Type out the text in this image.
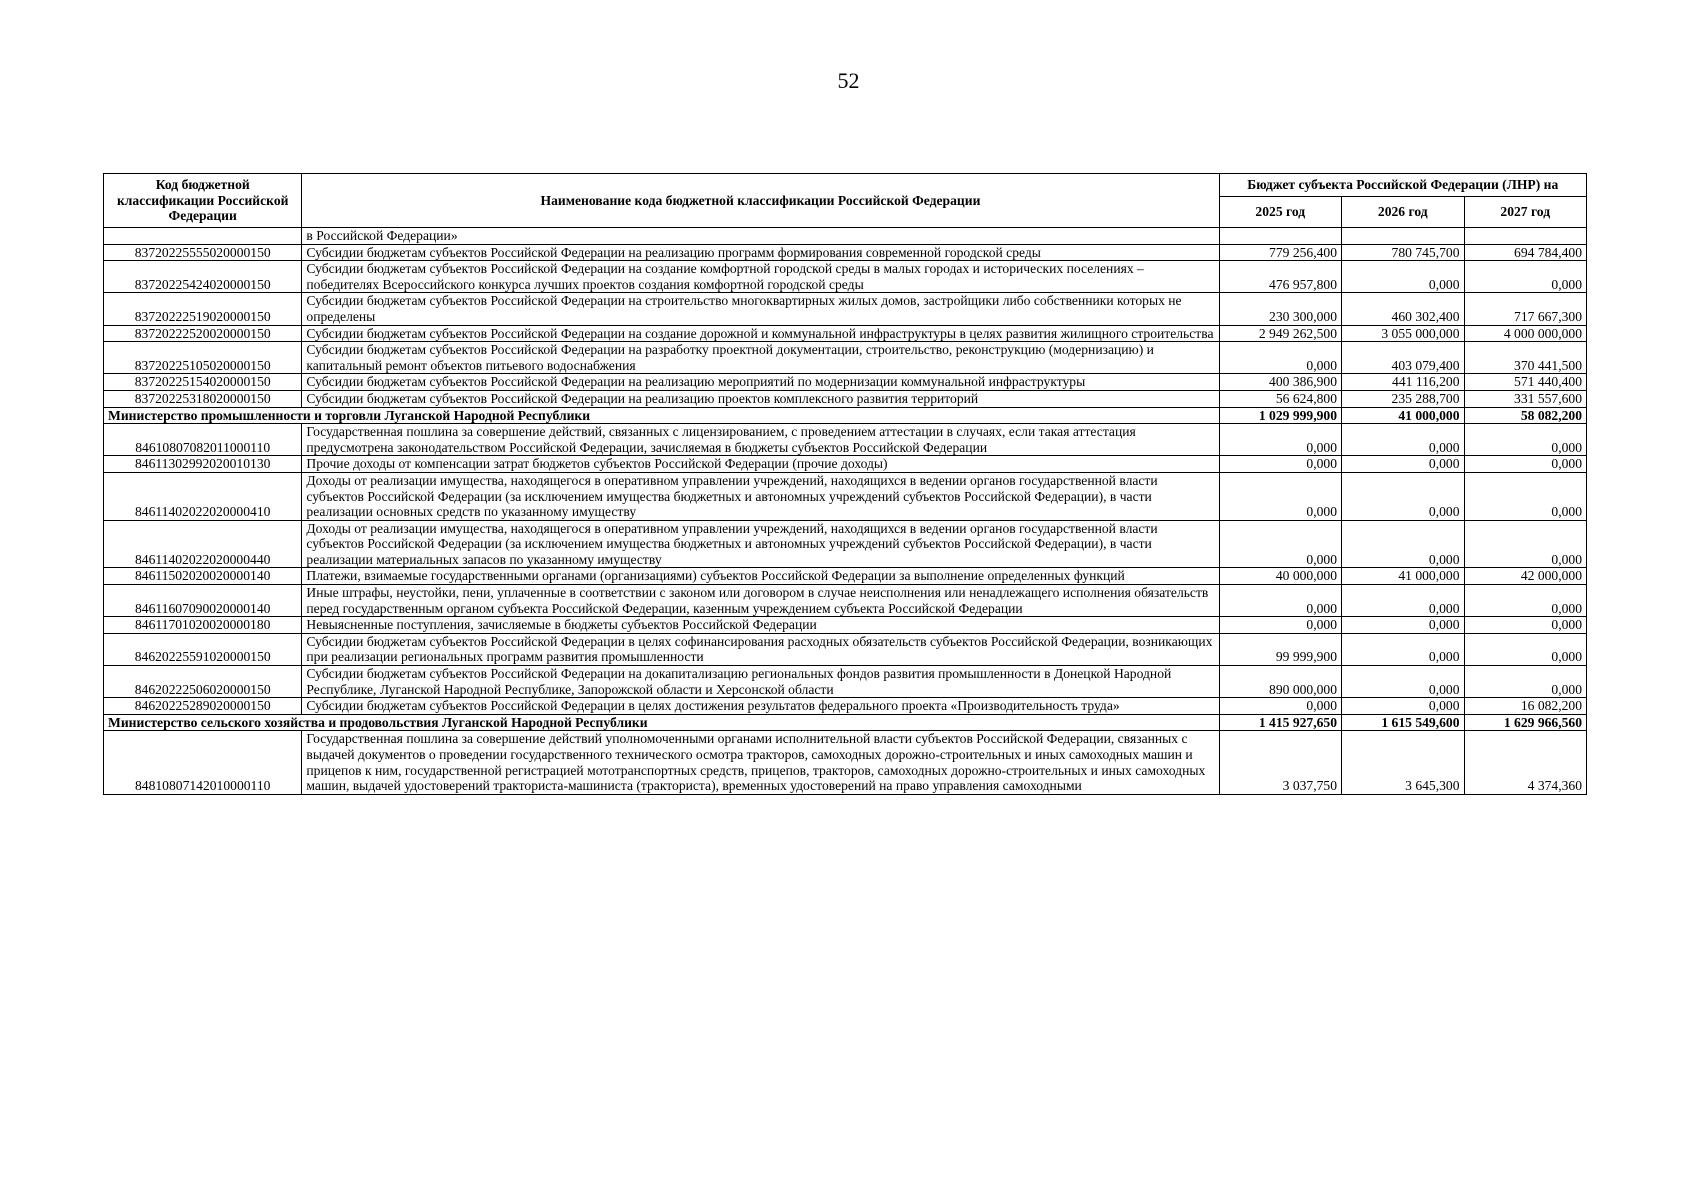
52
Код бюджетной классификации Российской Федерации	Наименование кода бюджетной классификации Российской Федерации	Бюджет субъекта Российской Федерации (ЛНР) на		
		2025 год	2026 год	2027 год
	в Российской Федерации»			
83720225555020000150	Субсидии бюджетам субъектов Российской Федерации на реализацию программ формирования современной городской среды	779 256,400	780 745,700	694 784,400
83720225424020000150	Субсидии бюджетам субъектов Российской Федерации на создание комфортной городской среды в малых городах и исторических поселениях – победителях Всероссийского конкурса лучших проектов создания комфортной городской среды	476 957,800	0,000	0,000
83720222519020000150	Субсидии бюджетам субъектов Российской Федерации на строительство многоквартирных жилых домов, застройщики либо собственники которых не определены	230 300,000	460 302,400	717 667,300
83720222520020000150	Субсидии бюджетам субъектов Российской Федерации на создание дорожной и коммунальной инфраструктуры в целях развития жилищного строительства	2 949 262,500	3 055 000,000	4 000 000,000
83720225105020000150	Субсидии бюджетам субъектов Российской Федерации на разработку проектной документации, строительство, реконструкцию (модернизацию) и капитальный ремонт объектов питьевого водоснабжения	0,000	403 079,400	370 441,500
83720225154020000150	Субсидии бюджетам субъектов Российской Федерации на реализацию мероприятий по модернизации коммунальной инфраструктуры	400 386,900	441 116,200	571 440,400
83720225318020000150	Субсидии бюджетам субъектов Российской Федерации на реализацию проектов комплексного развития территорий	56 624,800	235 288,700	331 557,600
Министерство промышленности и торговли Луганской Народной Республики		1 029 999,900	41 000,000	58 082,200
84610807082011000110	Государственная пошлина за совершение действий, связанных с лицензированием, с проведением аттестации в случаях, если такая аттестация предусмотрена законодательством Российской Федерации, зачисляемая в бюджеты субъектов Российской Федерации	0,000	0,000	0,000
84611302992020010130	Прочие доходы от компенсации затрат бюджетов субъектов Российской Федерации (прочие доходы)	0,000	0,000	0,000
84611402022020000410	Доходы от реализации имущества, находящегося в оперативном управлении учреждений, находящихся в ведении органов государственной власти субъектов Российской Федерации (за исключением имущества бюджетных и автономных учреждений субъектов Российской Федерации), в части реализации основных средств по указанному имуществу	0,000	0,000	0,000
84611402022020000440	Доходы от реализации имущества, находящегося в оперативном управлении учреждений, находящихся в ведении органов государственной власти субъектов Российской Федерации (за исключением имущества бюджетных и автономных учреждений субъектов Российской Федерации), в части реализации материальных запасов по указанному имуществу	0,000	0,000	0,000
84611502020020000140	Платежи, взимаемые государственными органами (организациями) субъектов Российской Федерации за выполнение определенных функций	40 000,000	41 000,000	42 000,000
84611607090020000140	Иные штрафы, неустойки, пени, уплаченные в соответствии с законом или договором в случае неисполнения или ненадлежащего исполнения обязательств перед государственным органом субъекта Российской Федерации, казенным учреждением субъекта Российской Федерации	0,000	0,000	0,000
84611701020020000180	Невыясненные поступления, зачисляемые в бюджеты субъектов Российской Федерации	0,000	0,000	0,000
84620225591020000150	Субсидии бюджетам субъектов Российской Федерации в целях софинансирования расходных обязательств субъектов Российской Федерации, возникающих при реализации региональных программ развития промышленности	99 999,900	0,000	0,000
84620222506020000150	Субсидии бюджетам субъектов Российской Федерации на докапитализацию региональных фондов развития промышленности в Донецкой Народной Республике, Луганской Народной Республике, Запорожской области и Херсонской области	890 000,000	0,000	0,000
84620225289020000150	Субсидии бюджетам субъектов Российской Федерации в целях достижения результатов федерального проекта «Производительность труда»	0,000	0,000	16 082,200
Министерство сельского хозяйства и продовольствия Луганской Народной Республики		1 415 927,650	1 615 549,600	1 629 966,560
84810807142010000110	Государственная пошлина за совершение действий уполномоченными органами исполнительной власти субъектов Российской Федерации, связанных с выдачей документов о проведении государственного технического осмотра тракторов, самоходных дорожно-строительных и иных самоходных машин и прицепов к ним, государственной регистрацией мототранспортных средств, прицепов, тракторов, самоходных дорожно-строительных и иных самоходных машин, выдачей удостоверений тракториста-машиниста (тракториста), временных удостоверений на право управления самоходными	3 037,750	3 645,300	4 374,360
